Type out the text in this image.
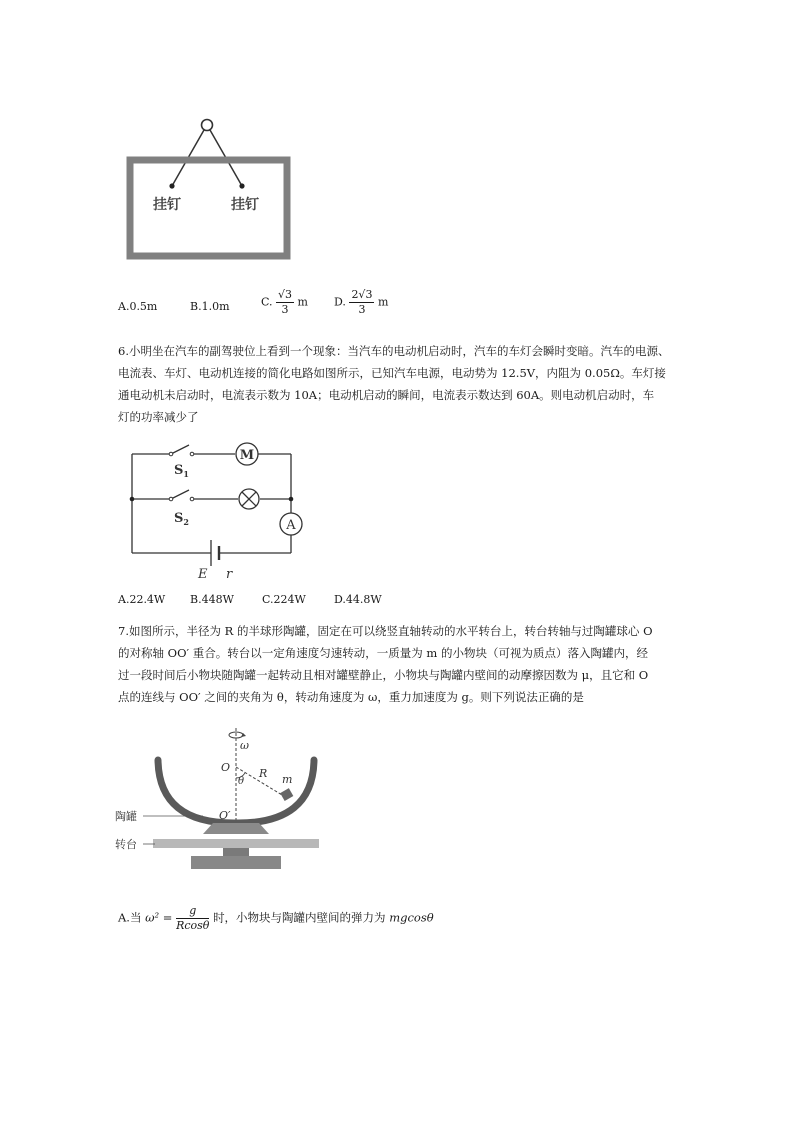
挂钉	挂钉
A.0.5m	B.1.0m	C. $\frac{√3}{3}$ m D. $\frac{2√3}{3}$ m

6.小明坐在汽车的副驾驶位上看到一个现象：当汽车的电动机启动时，汽车的车灯会瞬时变暗。汽车的电源、

电流表、车灯、电动机连接的简化电路如图所示，已知汽车电源，电动势为 12.5V，内阻为 0.05Ω。车灯接

通电动机未启动时，电流表示数为 10A；电动机启动的瞬间，电流表示数达到 60A。则电动机启动时，车

灯的功率减少了

M
A
$S_1$
$S_2$
E r
A.22.4W B.448W	C.224W	D.44.8W

7.如图所示，半径为 R 的半球形陶罐，固定在可以绕竖直轴转动的水平转台上，转台转轴与过陶罐球心 O

的对称轴 OO′ 重合。转台以一定角速度匀速转动，一质量为 m 的小物块（可视为质点）落入陶罐内，经

过一段时间后小物块随陶罐一起转动且相对罐壁静止，小物块与陶罐内壁间的动摩擦因数为 μ，且它和 O

点的连线与 OO′ 之间的夹角为 θ，转动角速度为 ω，重力加速度为 g。则下列说法正确的是

ω
O
θ
R m
O′
陶罐
转台
A.当 $\omega^2 = \frac{g}{Rcos\theta}$ 时，小物块与陶罐内壁间的弹力为 mgcosθ
